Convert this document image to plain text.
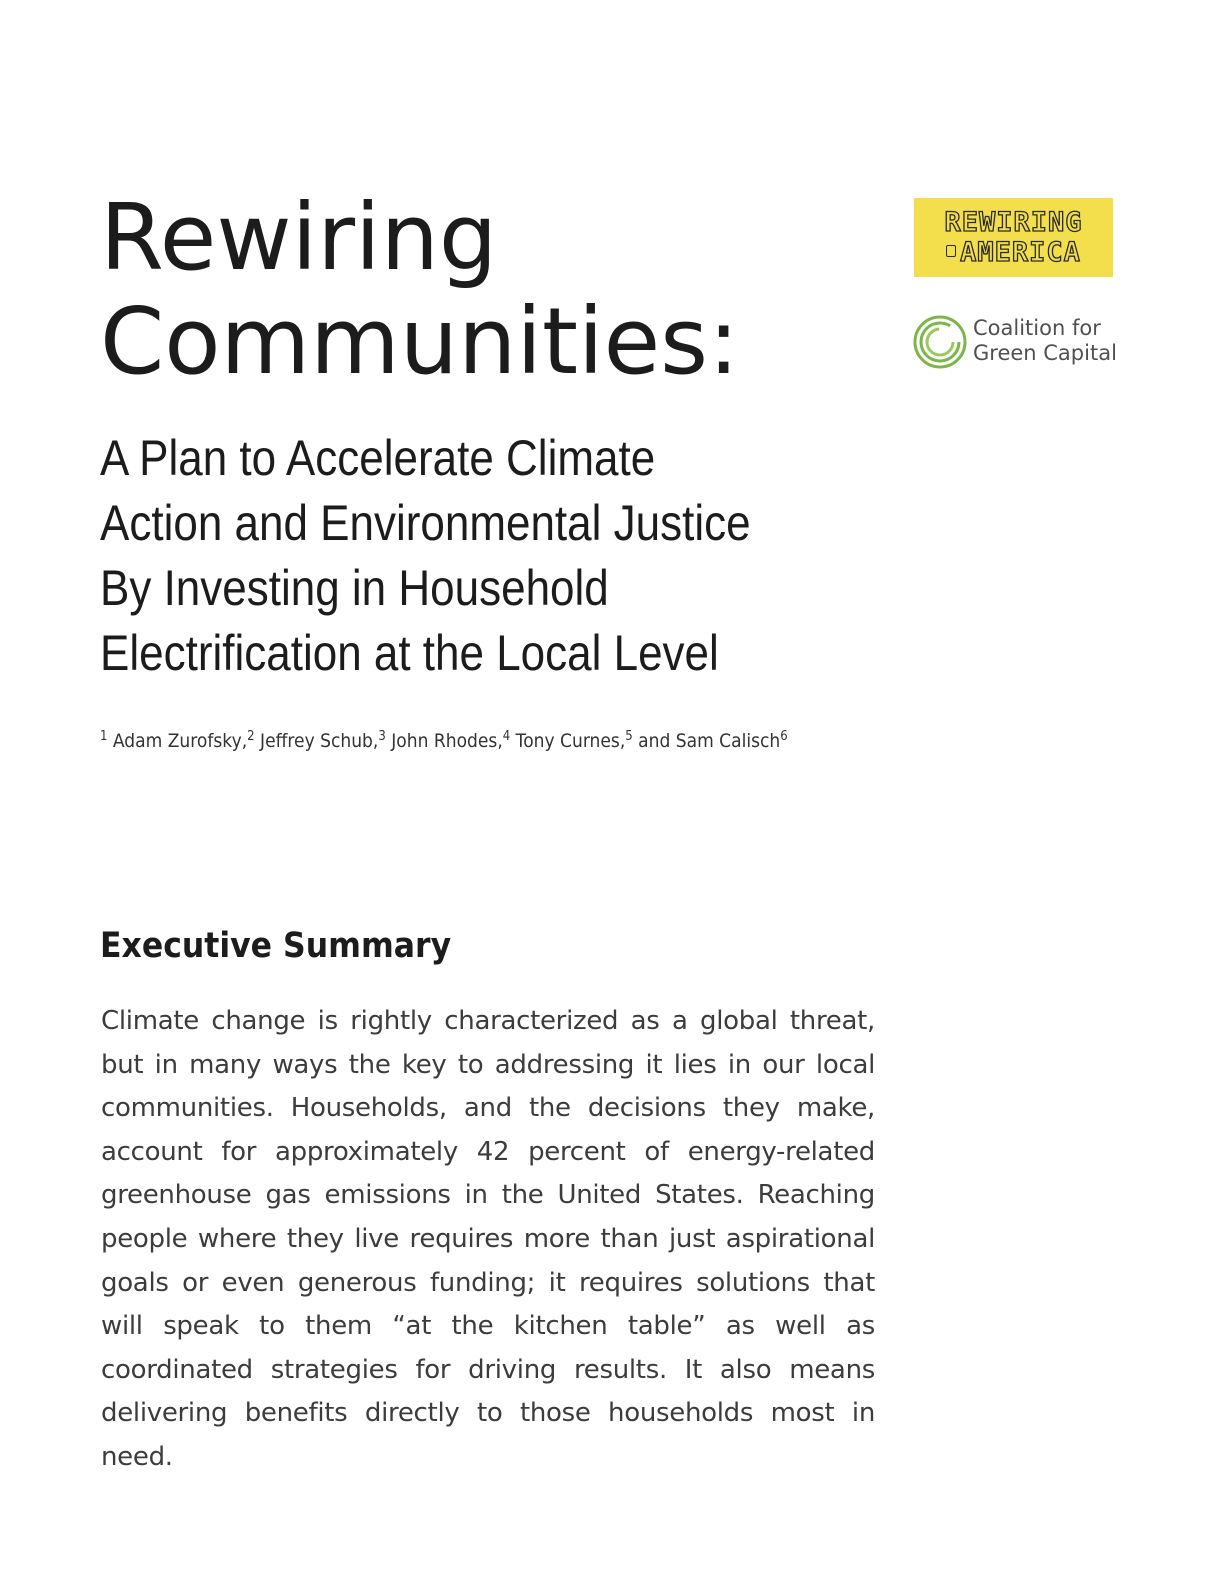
Rewiring
Communities:
A Plan to Accelerate Climate
Action and Environmental Justice
By Investing in Household
Electrification at the Local Level
$^1$ Adam Zurofsky,$^2$ Jeffrey Schub,$^3$ John Rhodes,$^4$ Tony Curnes,$^5$ and Sam Calisch$^6$
REWIRING
AMERICA
Coalition for
Green Capital
Executive Summary

Climate change is rightly characterized as a global threat, but in many ways the key to addressing it lies in our local communities. Households, and the decisions they make, account for approximately 42 percent of energy-related greenhouse gas emissions in the United States. Reaching people where they live requires more than just aspirational goals or even generous funding; it requires solutions that will speak to them “at the kitchen table” as well as coordinated strategies for driving results. It also means delivering benefits directly to those households most in need.
